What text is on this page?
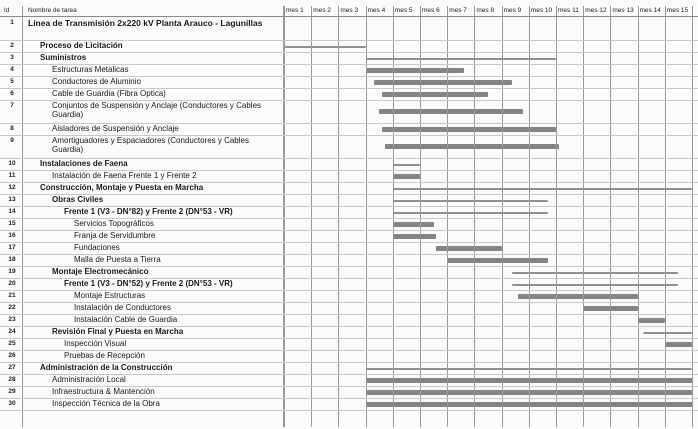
Id	Nombre de tarea	mes 1	mes 2	mes 3	mes 4	mes 5	mes 6	mes 7	mes 8	mes 9	mes 10 mes 11 mes 12 mes 13 mes 14 mes 15
1	Línea de Transmisión 2x220 kV Planta Arauco - Lagunillas
2	Proceso de Licitación
3	Suministros
4	Estructuras Metalicas
5	Conductores de Aluminio
6	Cable de Guardia (Fibra Optica)
7	Conjuntos de Suspensión y Anclaje (Conductores y Cables Guardia)
8	Aisladores de Suspensión y Anclaje
9	Amortiguadores y Espaciadores (Conductores y Cables Guardia)
10	Instalaciones de Faena
11	Instalación de Faena Frente 1 y Frente 2
12	Construcción, Montaje y Puesta en Marcha
13	Obras Civiles
14	Frente 1 (V3 - DN°82) y Frente 2 (DN°53 - VR)
15	Servicios Topográficos
16	Franja de Servidumbre
17	Fundaciones
18	Malla de Puesta a Tierra
19	Montaje Electromecánico
20	Frente 1 (V3 - DN°52) y Frente 2 (DN°53 - VR)
21	Montaje Estructuras
22	Instalación de Conductores
23	Instalación Cable de Guardia
24	Revisión Final y Puesta en Marcha
25	Inspección Visual
26	Pruebas de Recepción
27	Administración de la Construcción
28	Administración Local
29	Infraestructura & Mantención
30	Inspección Técnica de la Obra
